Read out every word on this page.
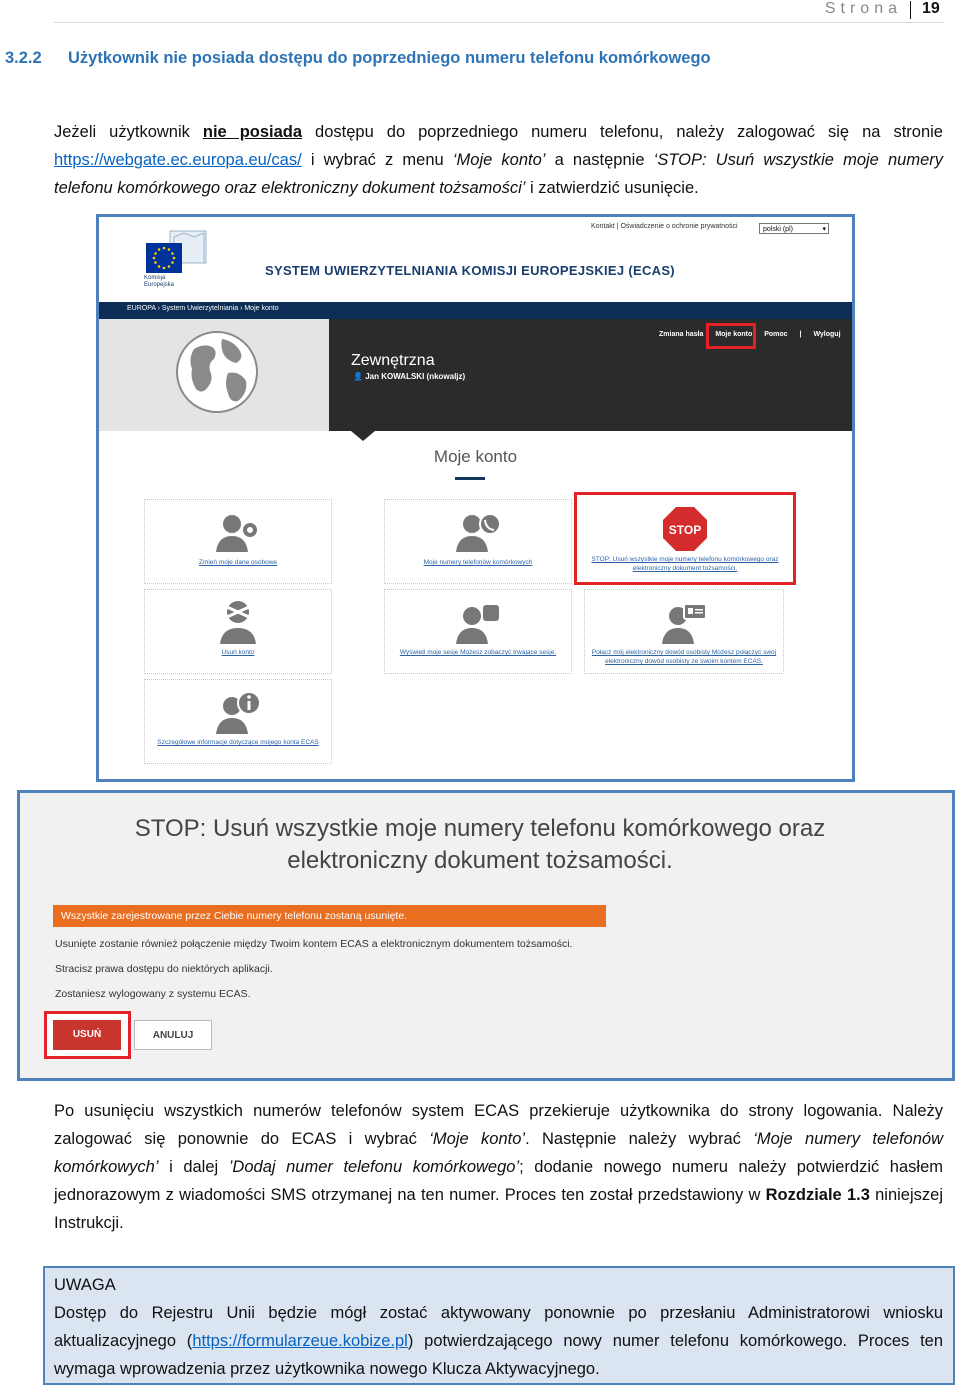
Strona 19
3.2.2 Użytkownik nie posiada dostępu do poprzedniego numeru telefonu komórkowego
Jeżeli użytkownik nie posiada dostępu do poprzedniego numeru telefonu, należy zalogować się na stronie https://webgate.ec.europa.eu/cas/ i wybrać z menu ‘Moje konto’ a następnie ‘STOP: Usuń wszystkie moje numery telefonu komórkowego oraz elektroniczny dokument tożsamości’ i zatwierdzić usunięcie.
Komisja Europejska
Kontakt | Oświadczenie o ochronie prywatności	polski (pl)	▾
SYSTEM UWIERZYTELNIANIA KOMISJI EUROPEJSKIEJ (ECAS)
EUROPA › System Uwierzytelniania › Moje konto
Zmiana hasła Moje konto Pomoc | Wyloguj
Zewnętrzna
👤 Jan KOWALSKI (nkowaljz)
Moje konto
Zmień moje dane osobowe	Moje numery telefonów komórkowych
STOP
STOP: Usuń wszystkie moje numery telefonu komórkowego oraz elektroniczny dokument tożsamości.
Usuń konto	Wyświetl moje sesje Możesz zobaczyć trwające sesje.	Połącz mój elektroniczny dowód osobisty Możesz połączyć swój elektroniczny dowód osobisty ze swoim kontem ECAS.
Szczegółowe informacje dotyczące mojego konta ECAS
STOP: Usuń wszystkie moje numery telefonu komórkowego oraz elektroniczny dokument tożsamości.
Wszystkie zarejestrowane przez Ciebie numery telefonu zostaną usunięte.
Usunięte zostanie również połączenie między Twoim kontem ECAS a elektronicznym dokumentem tożsamości.
Stracisz prawa dostępu do niektórych aplikacji.
Zostaniesz wylogowany z systemu ECAS.
USUŃ	ANULUJ
Po usunięciu wszystkich numerów telefonów system ECAS przekieruje użytkownika do strony logowania. Należy zalogować się ponownie do ECAS i wybrać ‘Moje konto’. Następnie należy wybrać ‘Moje numery telefonów komórkowych’ i dalej ’Dodaj numer telefonu komórkowego’; dodanie nowego numeru należy potwierdzić hasłem jednorazowym z wiadomości SMS otrzymanej na ten numer. Proces ten został przedstawiony w Rozdziale 1.3 niniejszej Instrukcji.
UWAGA
Dostęp do Rejestru Unii będzie mógł zostać aktywowany ponownie po przesłaniu Administratorowi wniosku aktualizacyjnego (https://formularzeue.kobize.pl) potwierdzającego nowy numer telefonu komórkowego. Proces ten wymaga wprowadzenia przez użytkownika nowego Klucza Aktywacyjnego.
